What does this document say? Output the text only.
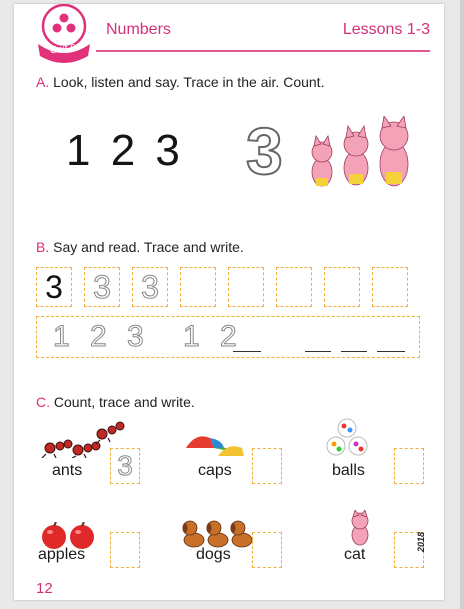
Unit 6
Numbers	Lessons 1-3
A. Look, listen and say. Trace in the air. Count.
1 2 3 3
B. Say and read. Trace and write.
3 3 3
1 2 3 1 2
C. Count, trace and write.
ants 3	caps	balls
apples	dogs	cat
12
2018
